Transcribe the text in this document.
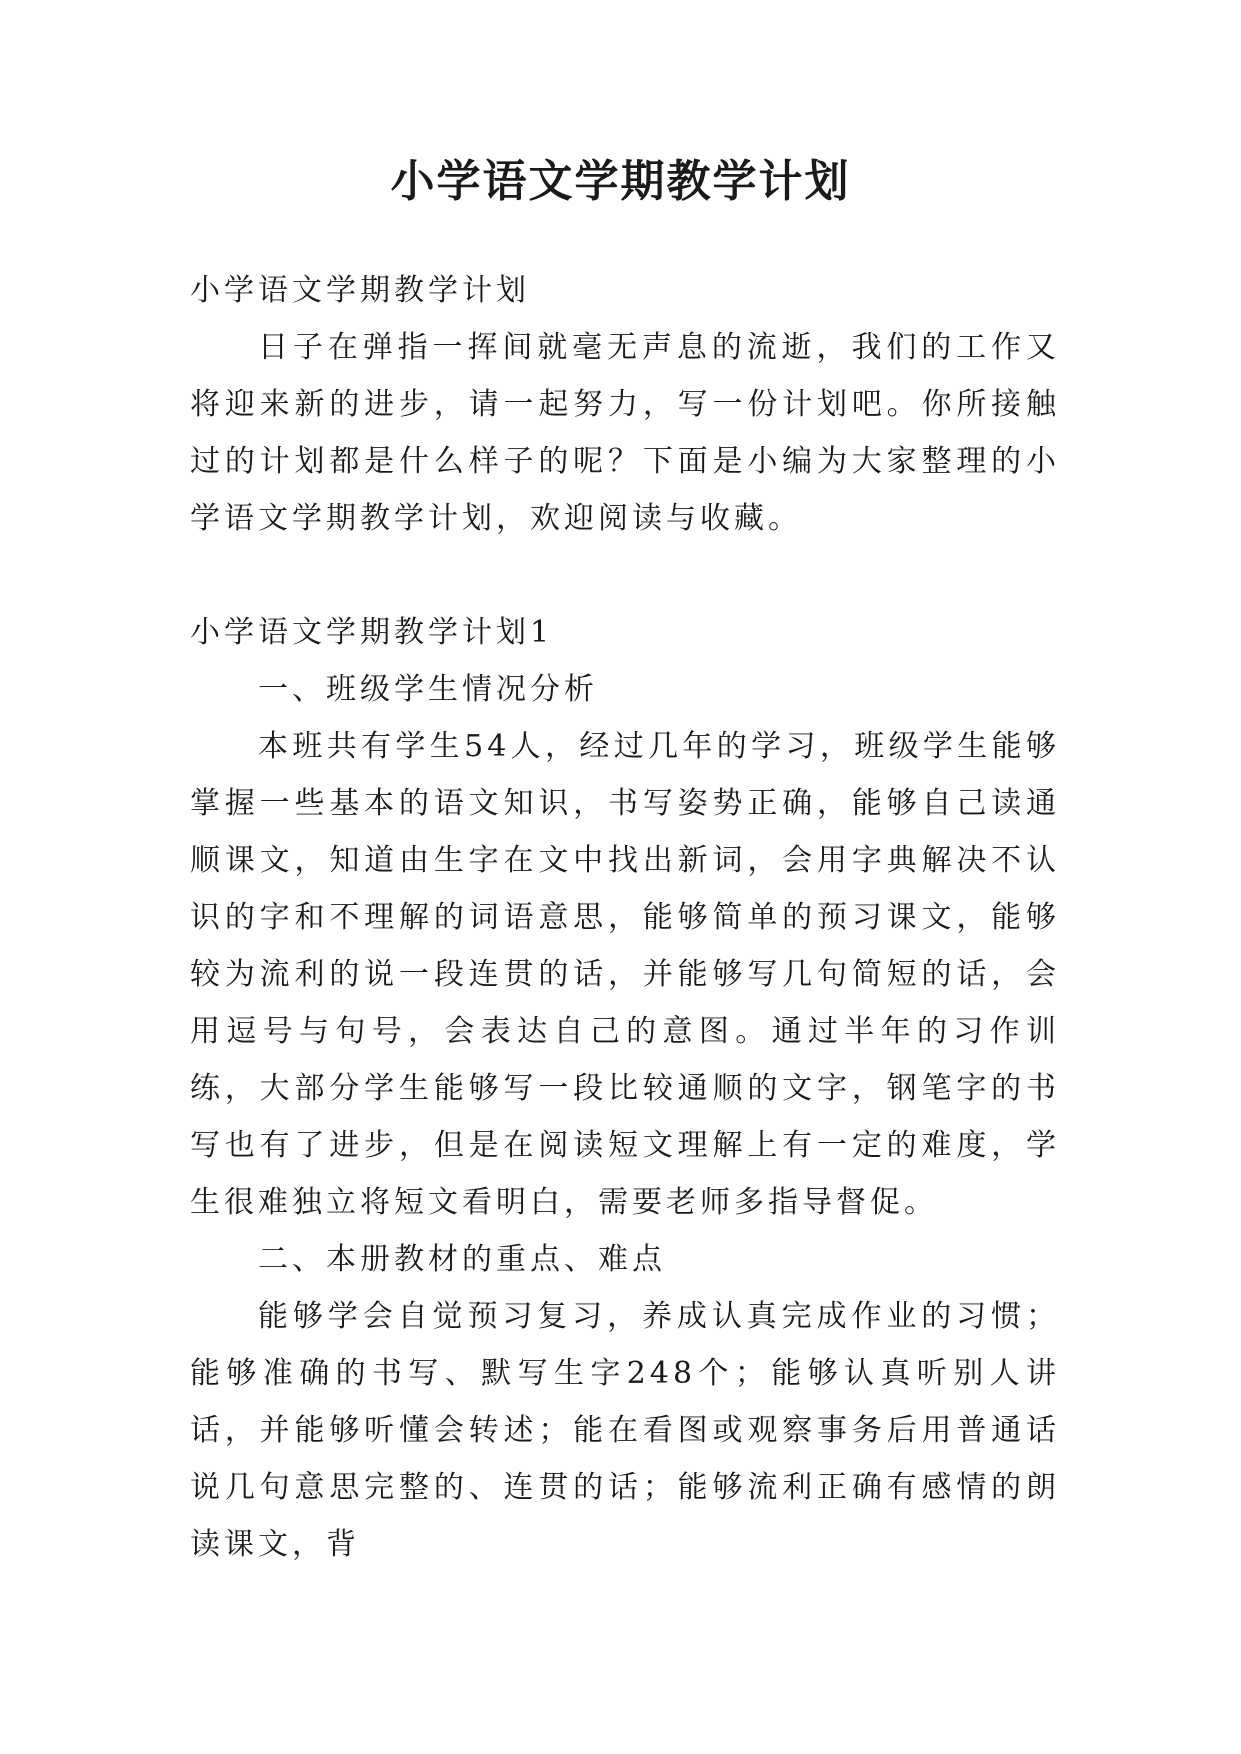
小学语文学期教学计划

小学语文学期教学计划

日子在弹指一挥间就毫无声息的流逝，我们的工作又将迎来新的进步，请一起努力，写一份计划吧。你所接触过的计划都是什么样子的呢？下面是小编为大家整理的小学语文学期教学计划，欢迎阅读与收藏。

小学语文学期教学计划1

一、班级学生情况分析

本班共有学生54人，经过几年的学习，班级学生能够掌握一些基本的语文知识，书写姿势正确，能够自己读通顺课文，知道由生字在文中找出新词，会用字典解决不认识的字和不理解的词语意思，能够简单的预习课文，能够较为流利的说一段连贯的话，并能够写几句简短的话，会用逗号与句号，会表达自己的意图。通过半年的习作训练，大部分学生能够写一段比较通顺的文字，钢笔字的书写也有了进步，但是在阅读短文理解上有一定的难度，学生很难独立将短文看明白，需要老师多指导督促。

二、本册教材的重点、难点

能够学会自觉预习复习，养成认真完成作业的习惯；能够准确的书写、默写生字248个；能够认真听别人讲话，并能够听懂会转述；能在看图或观察事务后用普通话说几句意思完整的、连贯的话；能够流利正确有感情的朗读课文，背
